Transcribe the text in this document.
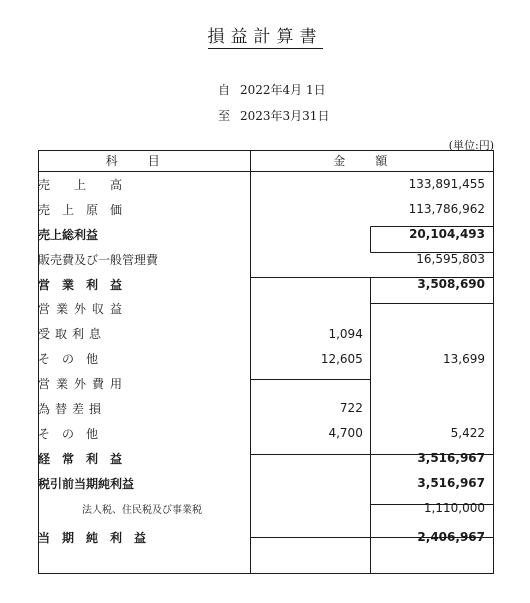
損益計算書
自 2022年4月 1日
至 2023年3月31日
(単位:円)
科目	金額	
売　　上　　高		133,891,455
売　上　原　価		113,786,962
売上総利益		20,104,493
販売費及び一般管理費		16,595,803
営　業　利　益		3,508,690
営業外収益		
受取利息	1,094	
そ　の　他	12,605	13,699
営業外費用		
為替差損	722	
そ　の　他	4,700	5,422
経　常　利　益		3,516,967
税引前当期純利益		3,516,967
法人税、住民税及び事業税		1,110,000
当　期　純　利　益		2,406,967
